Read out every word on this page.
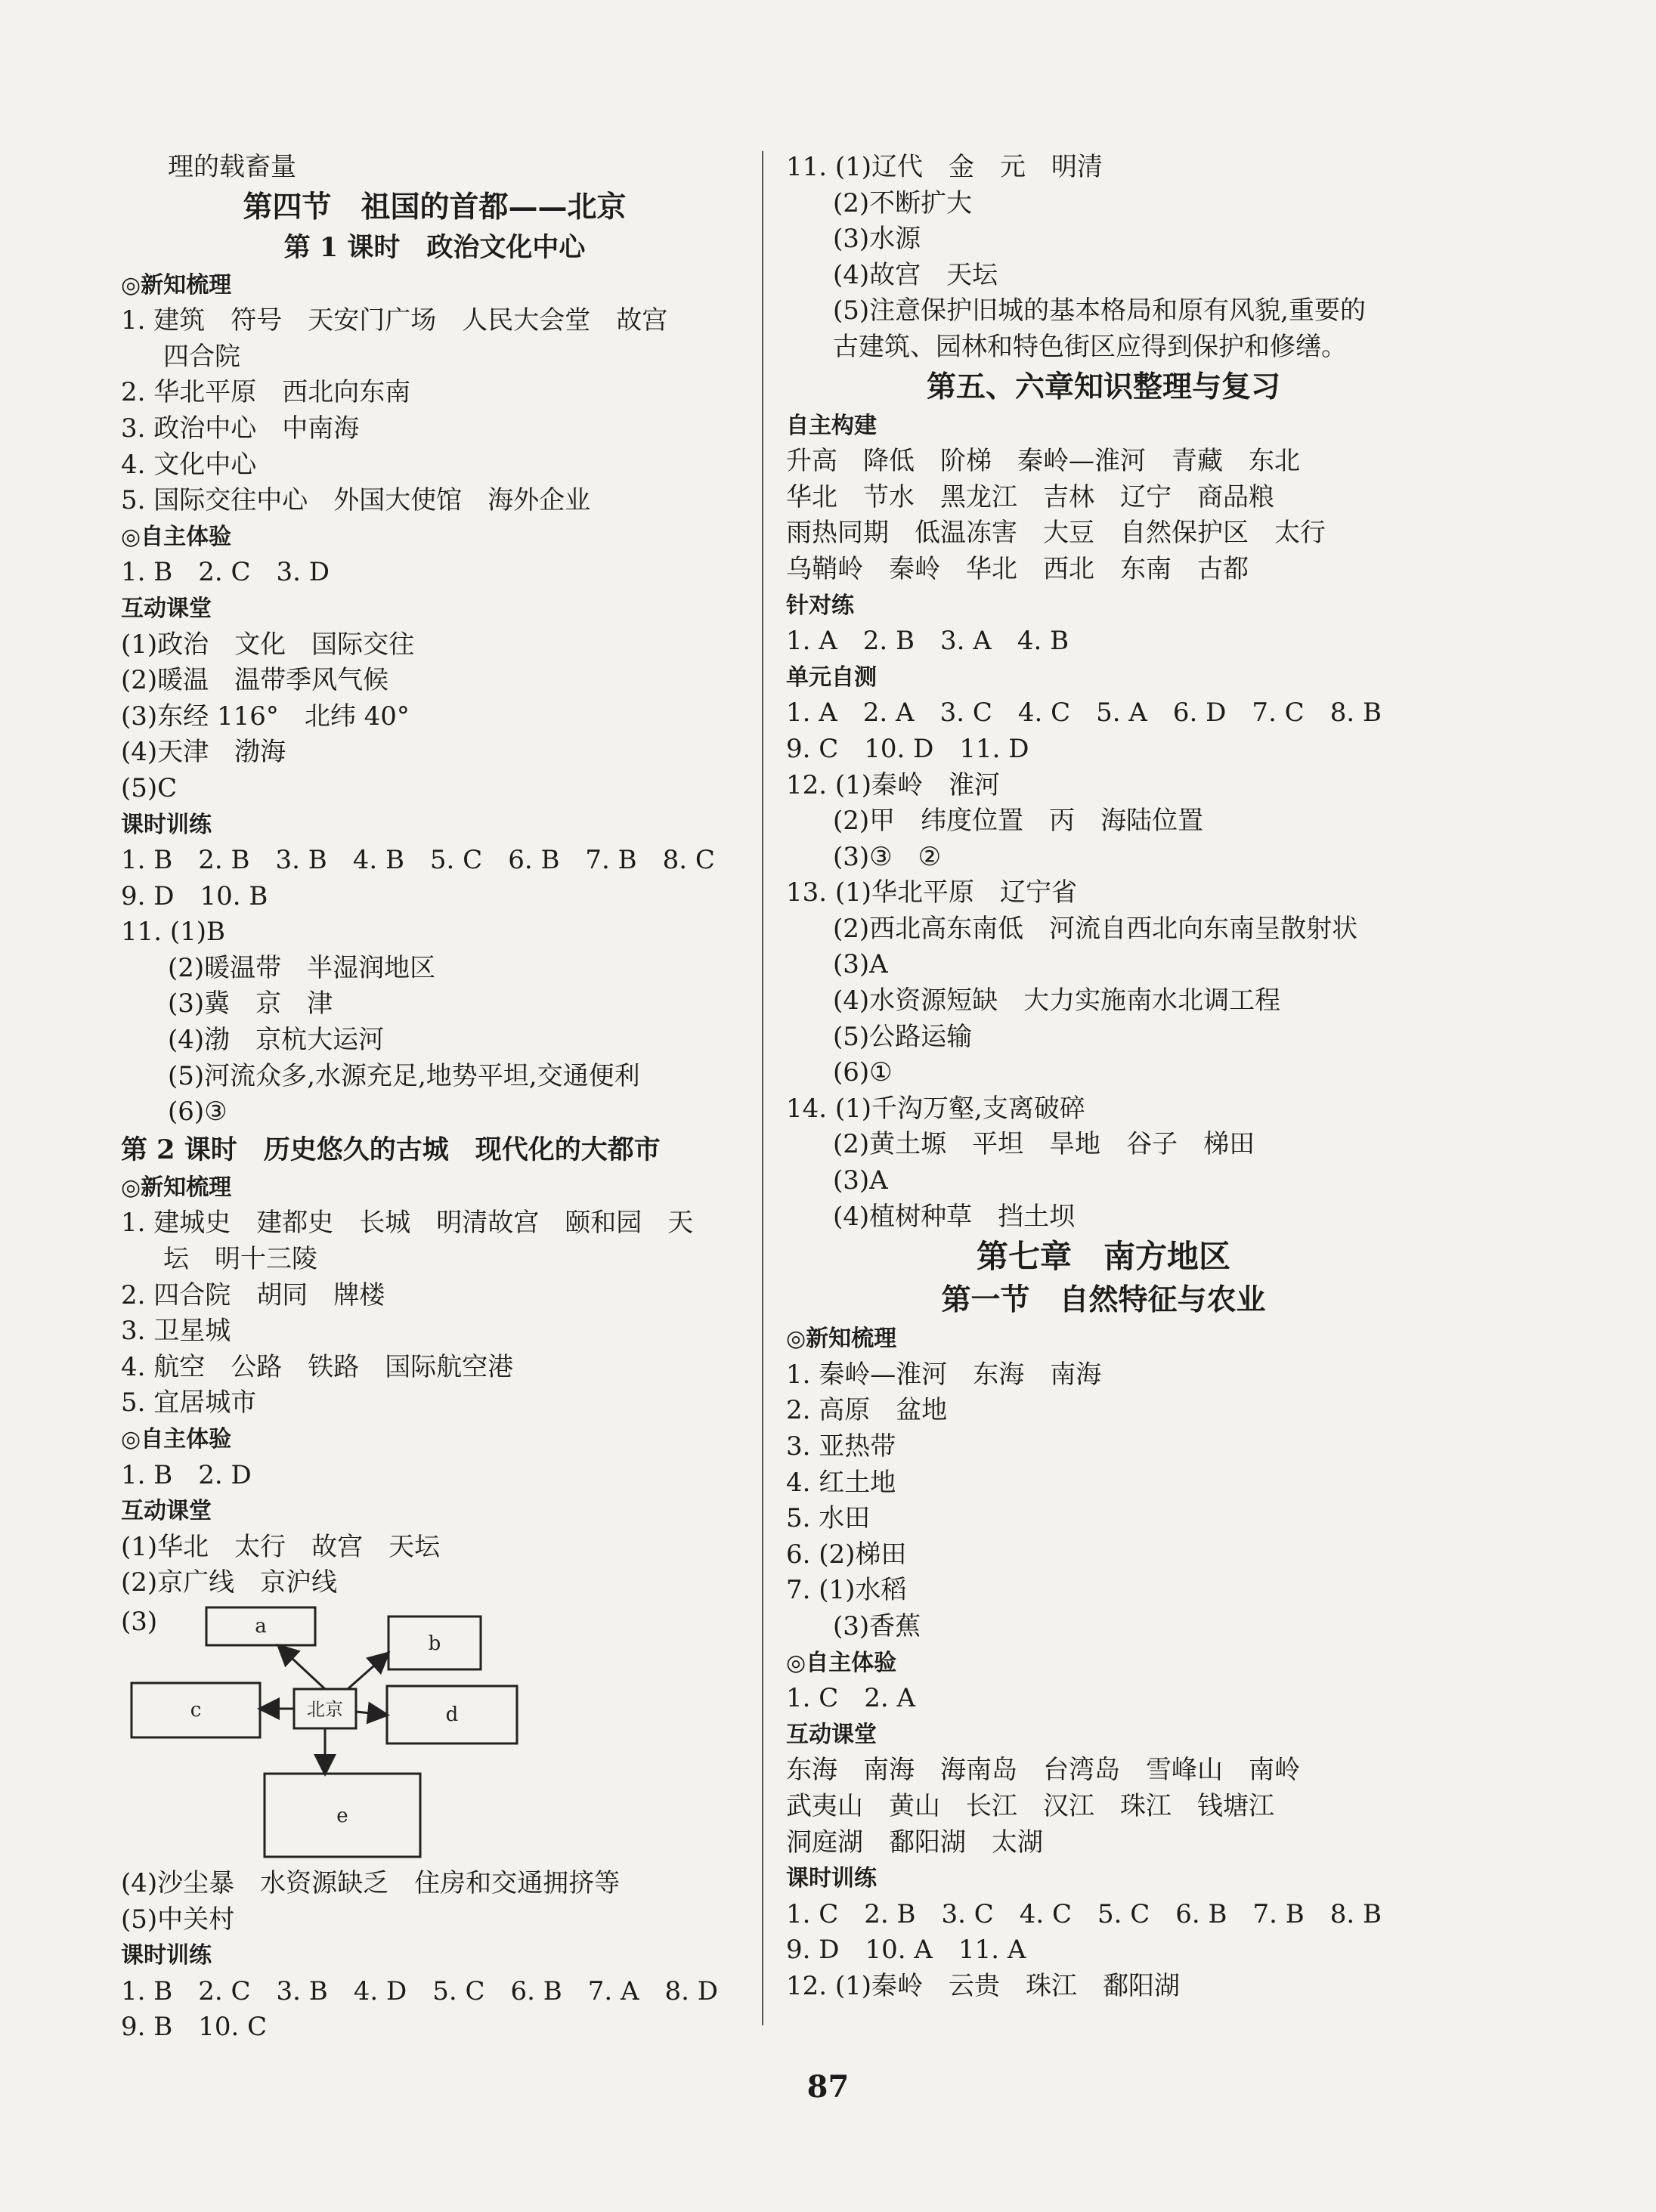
理的载畜量
第四节　祖国的首都——北京
第 1 课时　政治文化中心
◎新知梳理
1. 建筑　符号　天安门广场　人民大会堂　故宫
四合院
2. 华北平原　西北向东南
3. 政治中心　中南海
4. 文化中心
5. 国际交往中心　外国大使馆　海外企业
◎自主体验
1. B　2. C　3. D
互动课堂
(1)政治　文化　国际交往
(2)暖温　温带季风气候
(3)东经 116°　北纬 40°
(4)天津　渤海
(5)C
课时训练
1. B　2. B　3. B　4. B　5. C　6. B　7. B　8. C
9. D　10. B
11. (1)B
(2)暖温带　半湿润地区
(3)冀　京　津
(4)渤　京杭大运河
(5)河流众多,水源充足,地势平坦,交通便利
(6)③
第 2 课时　历史悠久的古城　现代化的大都市
◎新知梳理
1. 建城史　建都史　长城　明清故宫　颐和园　天
坛　明十三陵
2. 四合院　胡同　牌楼
3. 卫星城
4. 航空　公路　铁路　国际航空港
5. 宜居城市
◎自主体验
1. B　2. D
互动课堂
(1)华北　太行　故宫　天坛
(2)京广线　京沪线
(3)	a
b
c	北京	d
e
(4)沙尘暴　水资源缺乏　住房和交通拥挤等
(5)中关村
课时训练
1. B　2. C　3. B　4. D　5. C　6. B　7. A　8. D
9. B　10. C
11. (1)辽代　金　元　明清
(2)不断扩大
(3)水源
(4)故宫　天坛
(5)注意保护旧城的基本格局和原有风貌,重要的
古建筑、园林和特色街区应得到保护和修缮。
第五、六章知识整理与复习
自主构建
升高　降低　阶梯　秦岭—淮河　青藏　东北
华北　节水　黑龙江　吉林　辽宁　商品粮
雨热同期　低温冻害　大豆　自然保护区　太行
乌鞘岭　秦岭　华北　西北　东南　古都
针对练
1. A　2. B　3. A　4. B
单元自测
1. A　2. A　3. C　4. C　5. A　6. D　7. C　8. B
9. C　10. D　11. D
12. (1)秦岭　淮河
(2)甲　纬度位置　丙　海陆位置
(3)③　②
13. (1)华北平原　辽宁省
(2)西北高东南低　河流自西北向东南呈散射状
(3)A
(4)水资源短缺　大力实施南水北调工程
(5)公路运输
(6)①
14. (1)千沟万壑,支离破碎
(2)黄土塬　平坦　旱地　谷子　梯田
(3)A
(4)植树种草　挡土坝
第七章　南方地区
第一节　自然特征与农业
◎新知梳理
1. 秦岭—淮河　东海　南海
2. 高原　盆地
3. 亚热带
4. 红土地
5. 水田
6. (2)梯田
7. (1)水稻
(3)香蕉
◎自主体验
1. C　2. A
互动课堂
东海　南海　海南岛　台湾岛　雪峰山　南岭
武夷山　黄山　长江　汉江　珠江　钱塘江
洞庭湖　鄱阳湖　太湖
课时训练
1. C　2. B　3. C　4. C　5. C　6. B　7. B　8. B
9. D　10. A　11. A
12. (1)秦岭　云贵　珠江　鄱阳湖
87
